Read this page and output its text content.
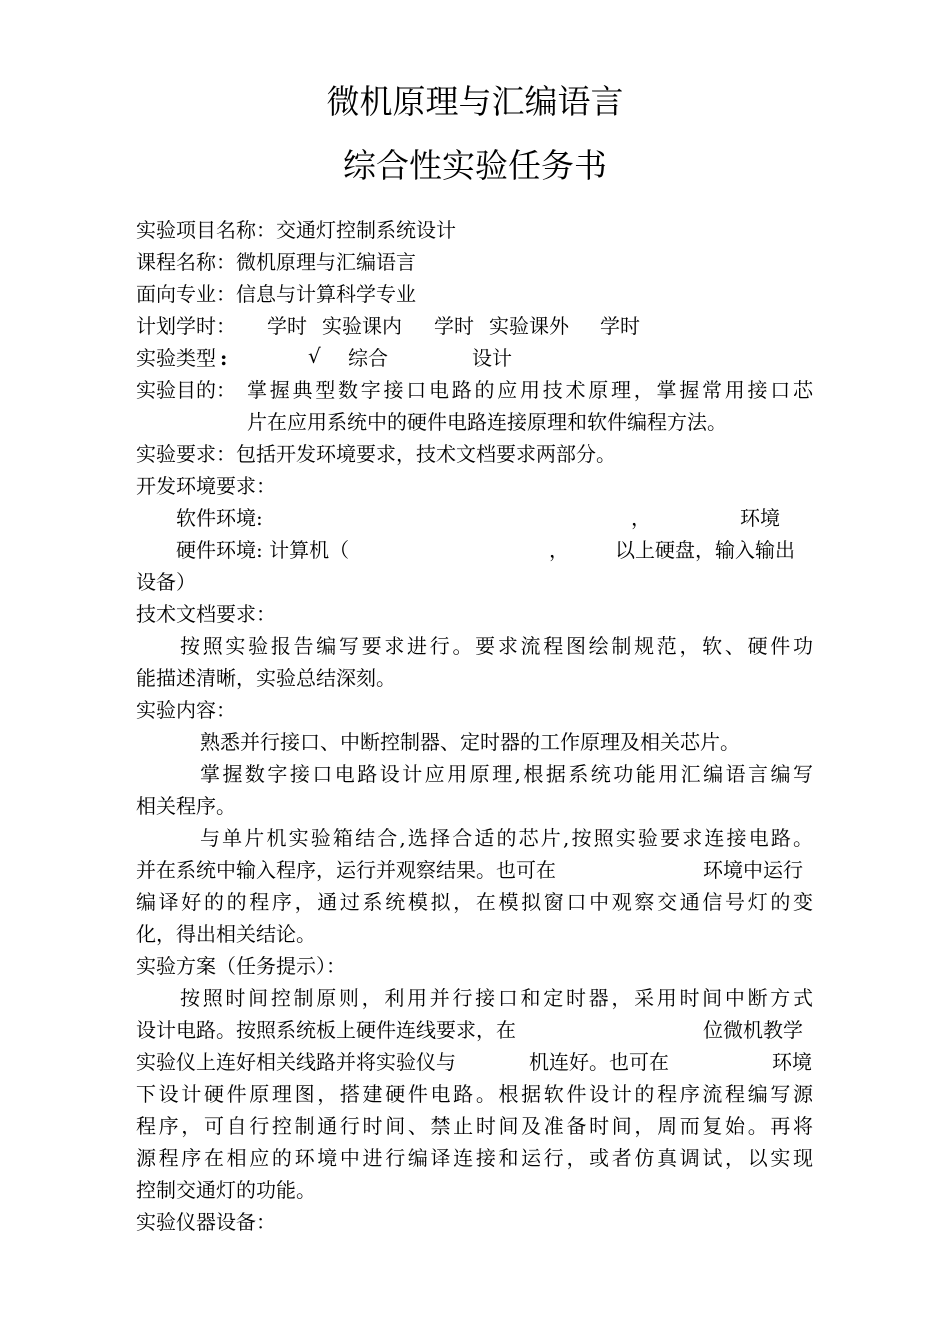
微机原理与汇编语言
综合性实验任务书
实验项目名称：交通灯控制系统设计
课程名称：微机原理与汇编语言
面向专业：信息与计算科学专业
计划学时： 学时 实验课内 学时 实验课外 学时
实验类型 :	√ 综合	设计
实验目的： 掌握典型数字接口电路的应用技术原理，掌握常用接口芯
片在应用系统中的硬件电路连接原理和软件编程方法。
实验要求：包括开发环境要求，技术文档要求两部分。
开发环境要求：
软件环境:	，	环境
硬件环境: 计算机（	， 以上硬盘，输入输出
设备）
技术文档要求：
按照实验报告编写要求进行。要求流程图绘制规范，软、硬件功
能描述清晰，实验总结深刻。
实验内容：
熟悉并行接口、中断控制器、定时器的工作原理及相关芯片。
掌握数字接口电路设计应用原理,根据系统功能用汇编语言编写
相关程序。
与单片机实验箱结合,选择合适的芯片,按照实验要求连接电路。
并在系统中输入程序，运行并观察结果。也可在	环境中运行
编译好的的程序，通过系统模拟，在模拟窗口中观察交通信号灯的变
化，得出相关结论。
实验方案（任务提示）：
按照时间控制原则，利用并行接口和定时器，采用时间中断方式
设计电路。按照系统板上硬件连线要求，在	位微机教学
实验仪上连好相关线路并将实验仪与	机连好。也可在	环境
下设计硬件原理图，搭建硬件电路。根据软件设计的程序流程编写源
程序，可自行控制通行时间、禁止时间及准备时间，周而复始。再将
源程序在相应的环境中进行编译连接和运行，或者仿真调试，以实现
控制交通灯的功能。
实验仪器设备：
